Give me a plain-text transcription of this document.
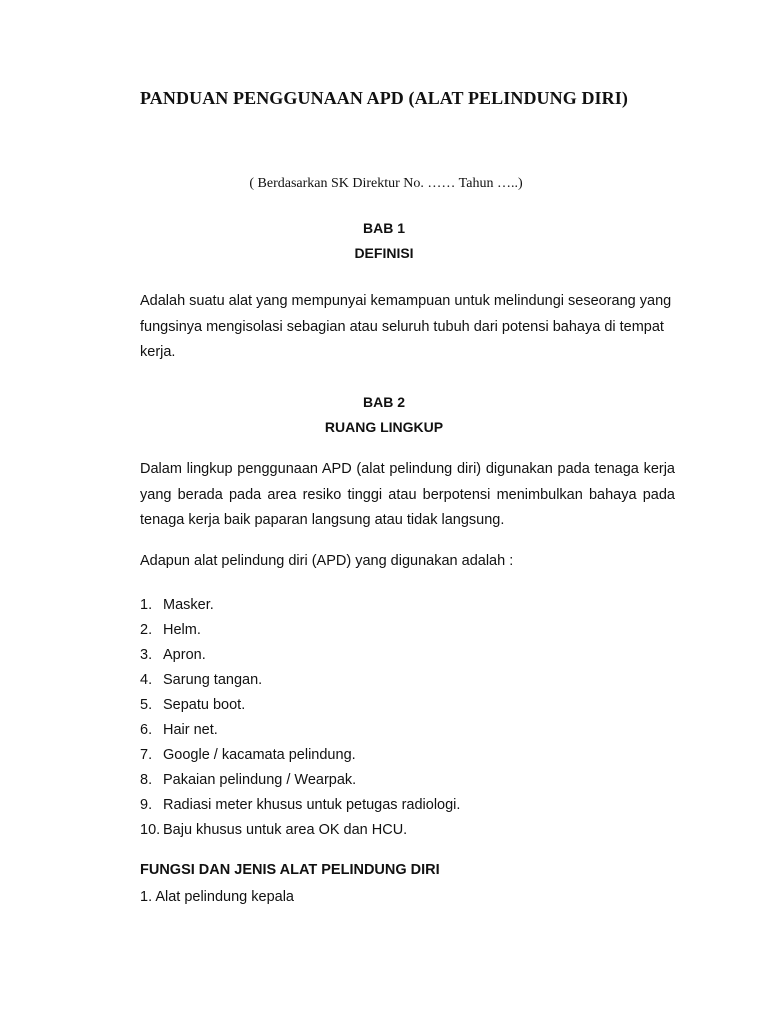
PANDUAN PENGGUNAAN APD (ALAT PELINDUNG DIRI)
( Berdasarkan SK Direktur No. …… Tahun …..)
BAB 1
DEFINISI
Adalah suatu alat yang mempunyai kemampuan untuk melindungi seseorang yang fungsinya mengisolasi sebagian atau seluruh tubuh dari potensi bahaya di tempat kerja.
BAB 2
RUANG LINGKUP
Dalam lingkup penggunaan APD (alat pelindung diri) digunakan pada tenaga kerja yang berada pada area resiko tinggi atau berpotensi menimbulkan bahaya pada tenaga kerja baik paparan langsung atau tidak langsung.
Adapun alat pelindung diri (APD) yang digunakan adalah :
1. Masker.
2. Helm.
3. Apron.
4. Sarung tangan.
5. Sepatu boot.
6. Hair net.
7. Google / kacamata pelindung.
8. Pakaian pelindung / Wearpak.
9. Radiasi meter khusus untuk petugas radiologi.
10. Baju khusus untuk area OK dan HCU.
FUNGSI DAN JENIS ALAT PELINDUNG DIRI
1. Alat pelindung kepala
